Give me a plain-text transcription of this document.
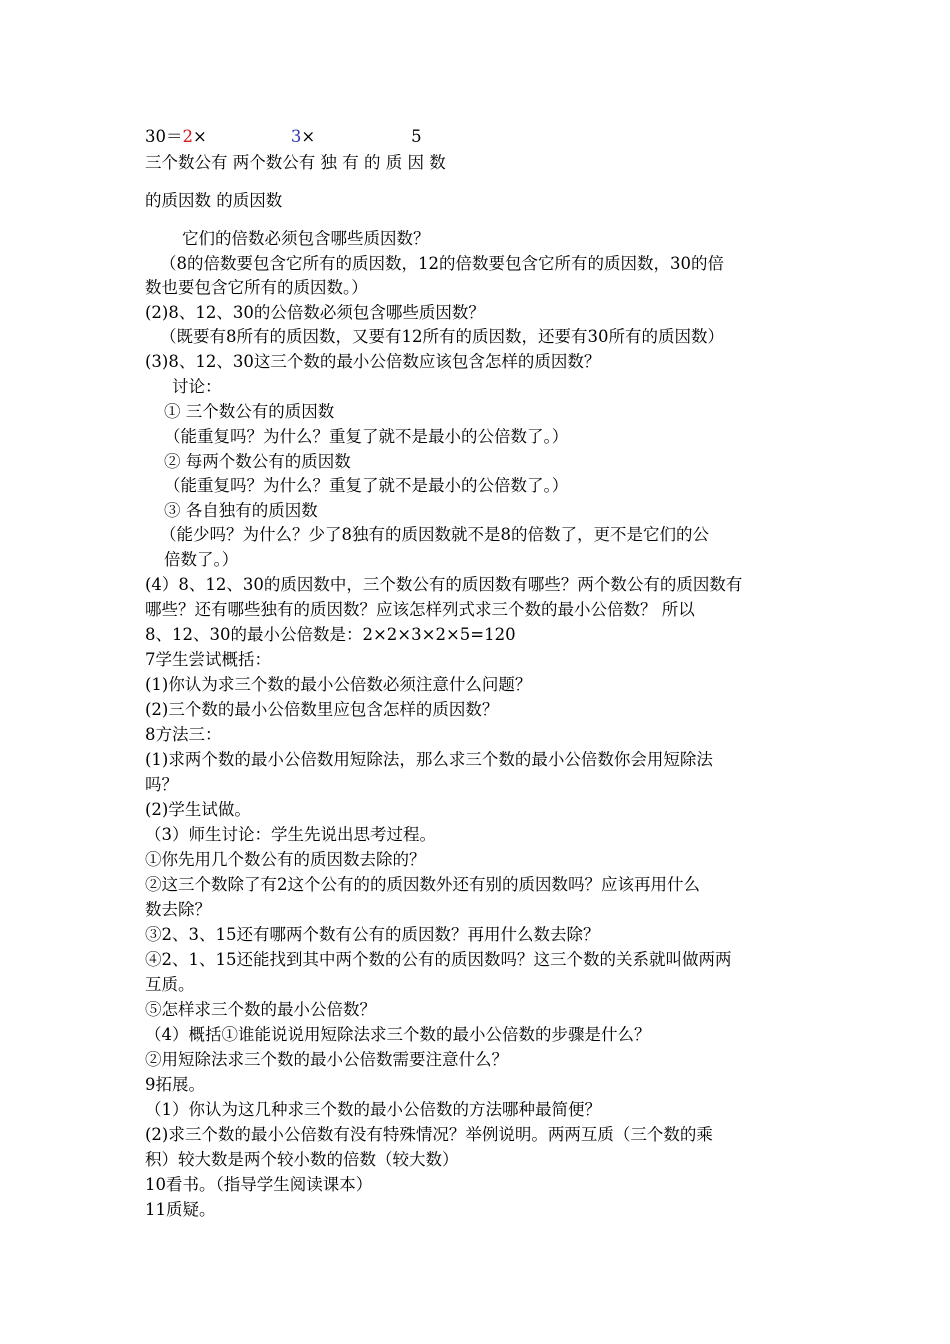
30＝2×	3×	5
三个数公有 两个数公有 独 有 的 质 因 数
的质因数 的质因数
它们的倍数必须包含哪些质因数？
（8的倍数要包含它所有的质因数，12的倍数要包含它所有的质因数，30的倍
数也要包含它所有的质因数。）
(2)8、12、30的公倍数必须包含哪些质因数？
（既要有8所有的质因数，又要有12所有的质因数，还要有30所有的质因数）
(3)8、12、30这三个数的最小公倍数应该包含怎样的质因数？
讨论：
① 三个数公有的质因数
（能重复吗？为什么？重复了就不是最小的公倍数了。）
② 每两个数公有的质因数
（能重复吗？为什么？重复了就不是最小的公倍数了。）
③ 各自独有的质因数
（能少吗？为什么？少了8独有的质因数就不是8的倍数了，更不是它们的公
倍数了。）
(4）8、12、30的质因数中，三个数公有的质因数有哪些？两个数公有的质因数有
哪些？还有哪些独有的质因数？应该怎样列式求三个数的最小公倍数？ 所以
8、12、30的最小公倍数是：2×2×3×2×5=120
7学生尝试概括：
(1)你认为求三个数的最小公倍数必须注意什么问题？
(2)三个数的最小公倍数里应包含怎样的质因数？
8方法三：
(1)求两个数的最小公倍数用短除法，那么求三个数的最小公倍数你会用短除法
吗？
(2)学生试做。
（3）师生讨论：学生先说出思考过程。
①你先用几个数公有的质因数去除的？
②这三个数除了有2这个公有的的质因数外还有别的质因数吗？应该再用什么
数去除？
③2、3、15还有哪两个数有公有的质因数？再用什么数去除？
④2、1、15还能找到其中两个数的公有的质因数吗？这三个数的关系就叫做两两
互质。
⑤怎样求三个数的最小公倍数？
（4）概括①谁能说说用短除法求三个数的最小公倍数的步骤是什么？
②用短除法求三个数的最小公倍数需要注意什么？
9拓展。
（1）你认为这几种求三个数的最小公倍数的方法哪种最简便？
(2)求三个数的最小公倍数有没有特殊情况？举例说明。两两互质（三个数的乘
积）较大数是两个较小数的倍数（较大数）
10看书。（指导学生阅读课本）
11质疑。
